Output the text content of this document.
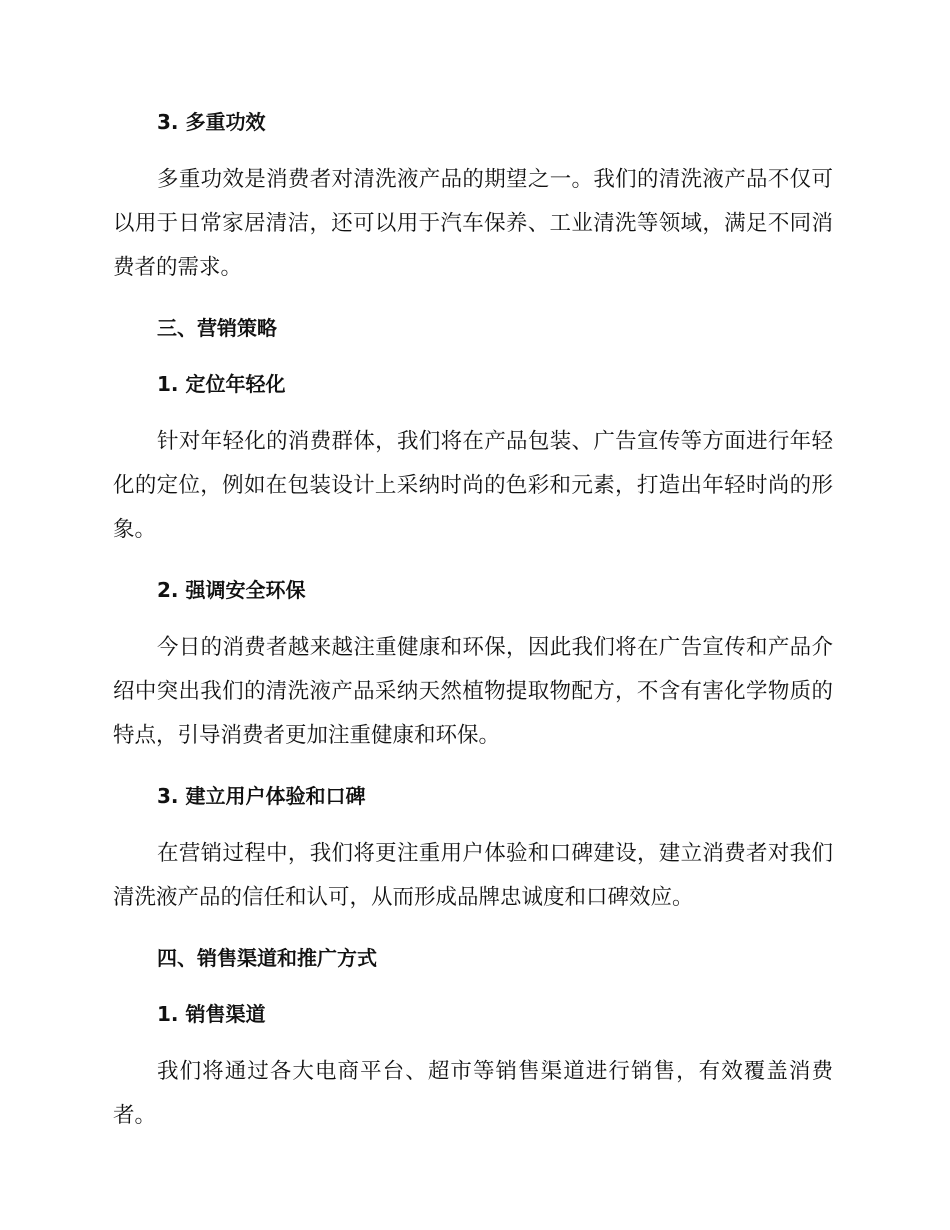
3. 多重功效

多重功效是消费者对清洗液产品的期望之一。我们的清洗液产品不仅可以用于日常家居清洁，还可以用于汽车保养、工业清洗等领域，满足不同消费者的需求。

三、营销策略
1. 定位年轻化

针对年轻化的消费群体，我们将在产品包装、广告宣传等方面进行年轻化的定位，例如在包装设计上采纳时尚的色彩和元素，打造出年轻时尚的形象。

2. 强调安全环保

今日的消费者越来越注重健康和环保，因此我们将在广告宣传和产品介绍中突出我们的清洗液产品采纳天然植物提取物配方，不含有害化学物质的特点，引导消费者更加注重健康和环保。

3. 建立用户体验和口碑

在营销过程中，我们将更注重用户体验和口碑建设，建立消费者对我们清洗液产品的信任和认可，从而形成品牌忠诚度和口碑效应。

四、销售渠道和推广方式
1. 销售渠道

我们将通过各大电商平台、超市等销售渠道进行销售，有效覆盖消费者。
